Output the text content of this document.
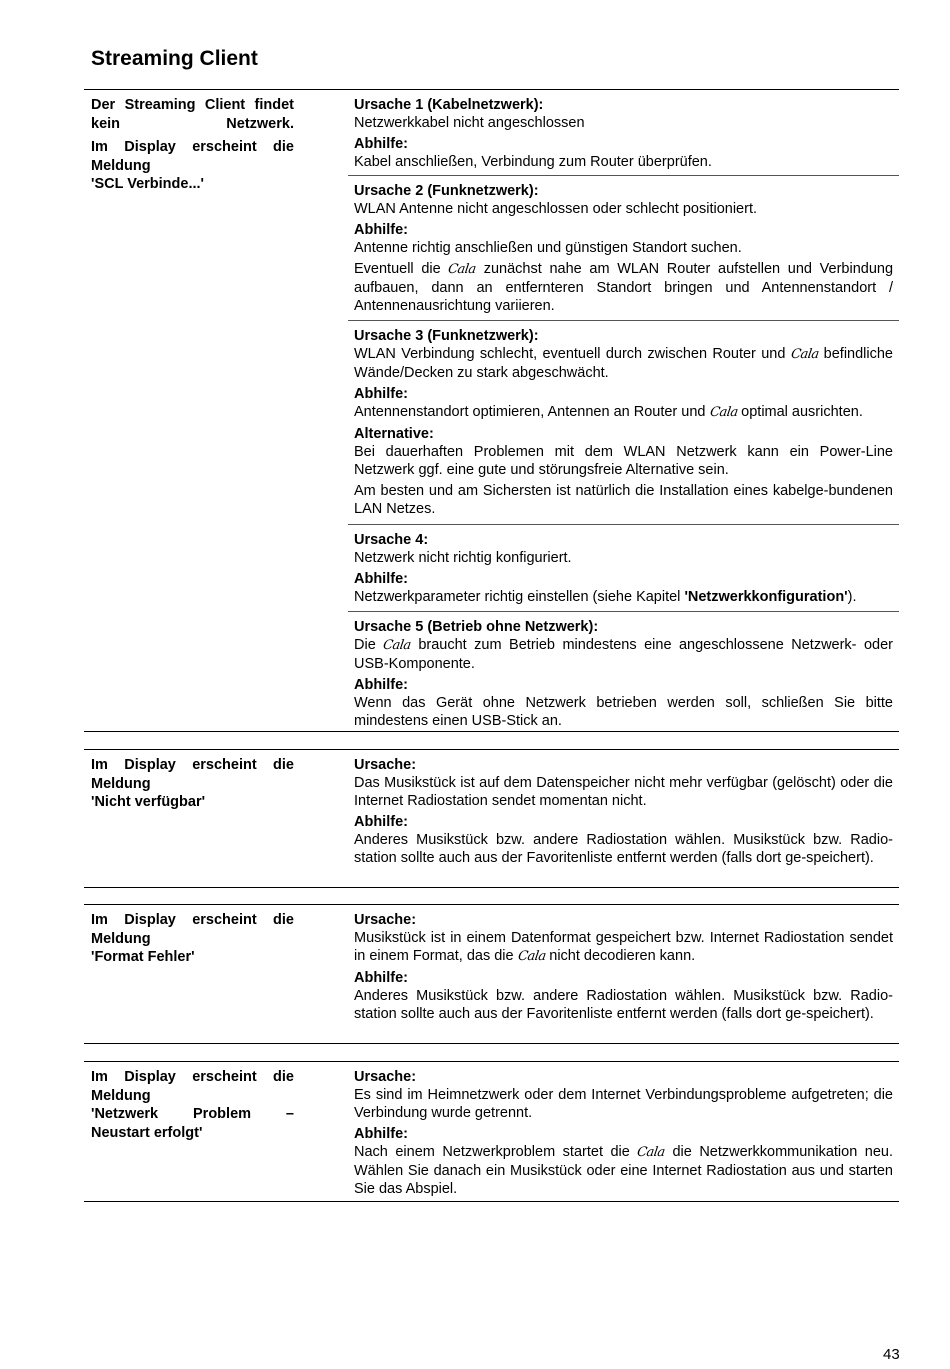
Streaming Client

Der Streaming Client findet kein Netzwerk.

Im Display erscheint die Meldung

'SCL Verbinde...'

Ursache 1 (Kabelnetzwerk):
Netzwerkkabel nicht angeschlossen
Abhilfe:
Kabel anschließen, Verbindung zum Router überprüfen.
Ursache 2 (Funknetzwerk):
WLAN Antenne nicht angeschlossen oder schlecht positioniert.
Abhilfe:
Antenne richtig anschließen und günstigen Standort suchen.
Eventuell die Cala zunächst nahe am WLAN Router aufstellen und Verbindung aufbauen, dann an entfernteren Standort bringen und Antennenstandort / Antennenausrichtung variieren.
Ursache 3 (Funknetzwerk):
WLAN Verbindung schlecht, eventuell durch zwischen Router und Cala befindliche Wände/Decken zu stark abgeschwächt.
Abhilfe:
Antennenstandort optimieren, Antennen an Router und Cala optimal ausrichten.
Alternative:
Bei dauerhaften Problemen mit dem WLAN Netzwerk kann ein Power-Line Netzwerk ggf. eine gute und störungsfreie Alternative sein.
Am besten und am Sichersten ist natürlich die Installation eines kabelge-bundenen LAN Netzes.
Ursache 4:
Netzwerk nicht richtig konfiguriert.
Abhilfe:
Netzwerkparameter richtig einstellen (siehe Kapitel 'Netzwerkkonfiguration').
Ursache 5 (Betrieb ohne Netzwerk):
Die Cala braucht zum Betrieb mindestens eine angeschlossene Netzwerk- oder USB-Komponente.
Abhilfe:
Wenn das Gerät ohne Netzwerk betrieben werden soll, schließen Sie bitte mindestens einen USB-Stick an.

Im Display erscheint die Meldung

'Nicht verfügbar'

Ursache:
Das Musikstück ist auf dem Datenspeicher nicht mehr verfügbar (gelöscht) oder die Internet Radiostation sendet momentan nicht.
Abhilfe:
Anderes Musikstück bzw. andere Radiostation wählen. Musikstück bzw. Radio-station sollte auch aus der Favoritenliste entfernt werden (falls dort ge-speichert).

Im Display erscheint die Meldung

'Format Fehler'

Ursache:
Musikstück ist in einem Datenformat gespeichert bzw. Internet Radiostation sendet in einem Format, das die Cala nicht decodieren kann.
Abhilfe:
Anderes Musikstück bzw. andere Radiostation wählen. Musikstück bzw. Radio-station sollte auch aus der Favoritenliste entfernt werden (falls dort ge-speichert).

Im Display erscheint die Meldung

'Netzwerk Problem – Neustart erfolgt'

Ursache:
Es sind im Heimnetzwerk oder dem Internet Verbindungsprobleme aufgetreten; die Verbindung wurde getrennt.
Abhilfe:
Nach einem Netzwerkproblem startet die Cala die Netzwerkkommunikation neu. Wählen Sie danach ein Musikstück oder eine Internet Radiostation aus und starten Sie das Abspiel.
43
